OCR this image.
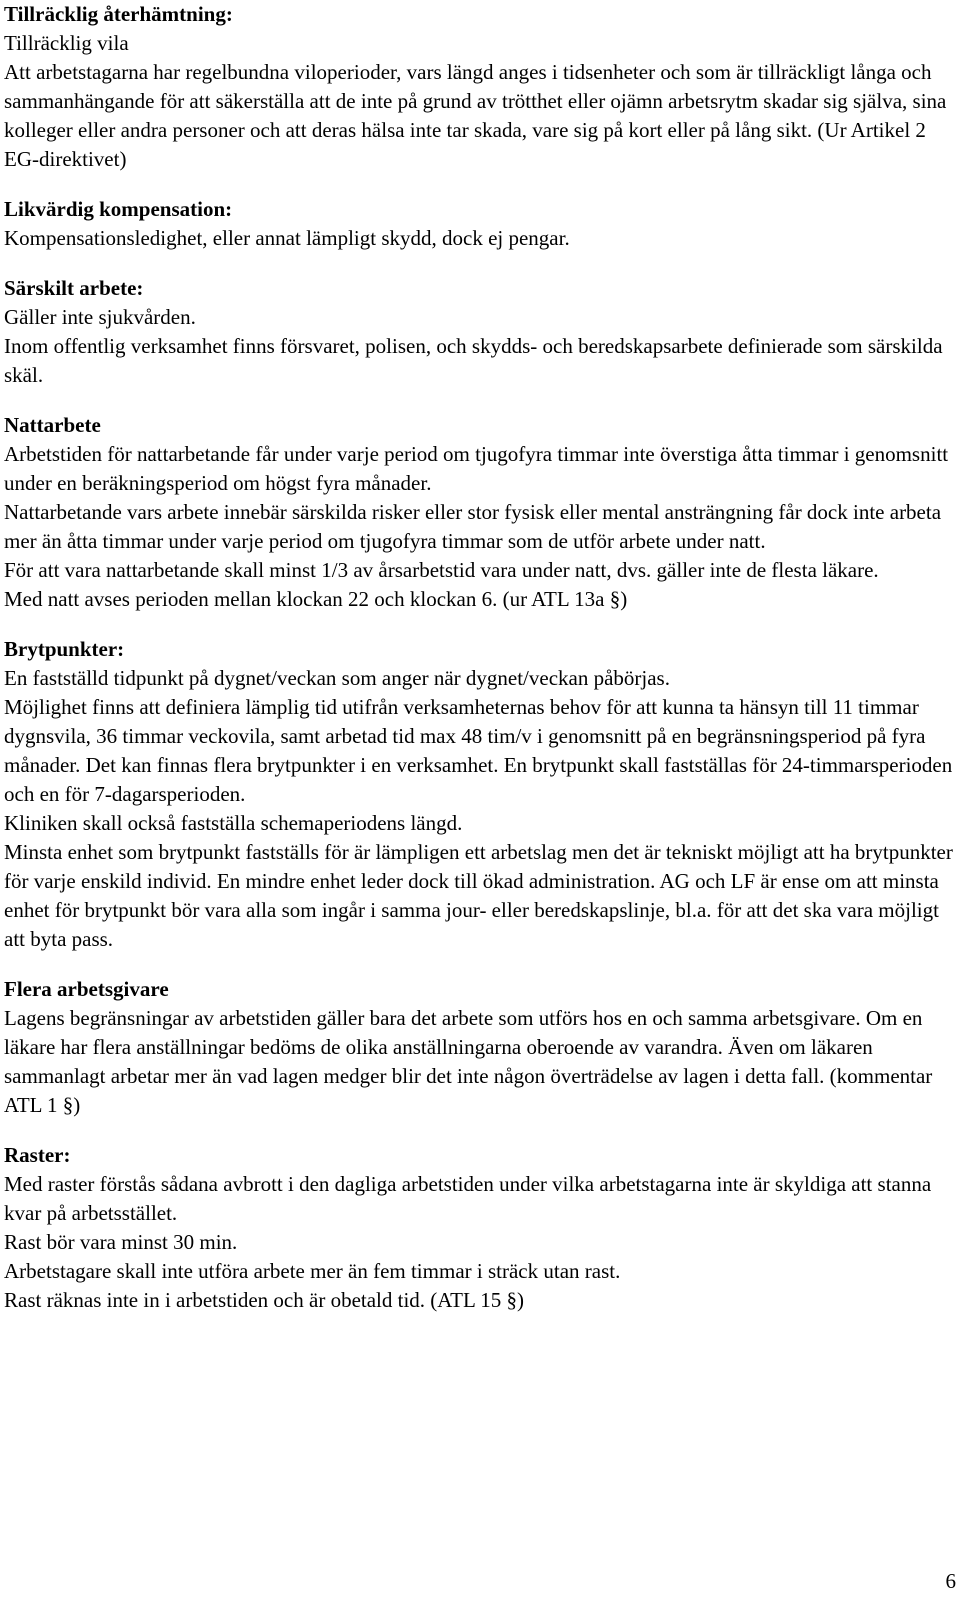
Tillräcklig återhämtning:
Tillräcklig vila
Att arbetstagarna har regelbundna viloperioder, vars längd anges i tidsenheter och som är tillräckligt långa och sammanhängande för att säkerställa att de inte på grund av trötthet eller ojämn arbetsrytm skadar sig själva, sina kolleger eller andra personer och att deras hälsa inte tar skada, vare sig på kort eller på lång sikt. (Ur Artikel 2 EG-direktivet)
Likvärdig kompensation:
Kompensationsledighet, eller annat lämpligt skydd, dock ej pengar.
Särskilt arbete:
Gäller inte sjukvården.
Inom offentlig verksamhet finns försvaret, polisen, och skydds- och beredskapsarbete definierade som särskilda skäl.
Nattarbete
Arbetstiden för nattarbetande får under varje period om tjugofyra timmar inte överstiga åtta timmar i genomsnitt under en beräkningsperiod om högst fyra månader.
Nattarbetande vars arbete innebär särskilda risker eller stor fysisk eller mental ansträngning får dock inte arbeta mer än åtta timmar under varje period om tjugofyra timmar som de utför arbete under natt.
För att vara nattarbetande skall minst 1/3 av årsarbetstid vara under natt, dvs. gäller inte de flesta läkare.
Med natt avses perioden mellan klockan 22 och klockan 6. (ur ATL 13a §)
Brytpunkter:
En fastställd tidpunkt på dygnet/veckan som anger när dygnet/veckan påbörjas.
Möjlighet finns att definiera lämplig tid utifrån verksamheternas behov för att kunna ta hänsyn till 11 timmar dygnsvila, 36 timmar veckovila, samt arbetad tid max 48 tim/v i genomsnitt på en begränsningsperiod på fyra månader. Det kan finnas flera brytpunkter i en verksamhet. En brytpunkt skall fastställas för 24-timmarsperioden och en för 7-dagarsperioden.
Kliniken skall också fastställa schemaperiodens längd.
Minsta enhet som brytpunkt fastställs för är lämpligen ett arbetslag men det är tekniskt möjligt att ha brytpunkter för varje enskild individ. En mindre enhet leder dock till ökad administration. AG och LF är ense om att minsta enhet för brytpunkt bör vara alla som ingår i samma jour- eller beredskapslinje, bl.a. för att det ska vara möjligt att byta pass.
Flera arbetsgivare
Lagens begränsningar av arbetstiden gäller bara det arbete som utförs hos en och samma arbetsgivare. Om en läkare har flera anställningar bedöms de olika anställningarna oberoende av varandra. Även om läkaren sammanlagt arbetar mer än vad lagen medger blir det inte någon överträdelse av lagen i detta fall. (kommentar ATL 1 §)
Raster:
Med raster förstås sådana avbrott i den dagliga arbetstiden under vilka arbetstagarna inte är skyldiga att stanna kvar på arbetsstället.
Rast bör vara minst 30 min.
Arbetstagare skall inte utföra arbete mer än fem timmar i sträck utan rast.
Rast räknas inte in i arbetstiden och är obetald tid. (ATL 15 §)
6
